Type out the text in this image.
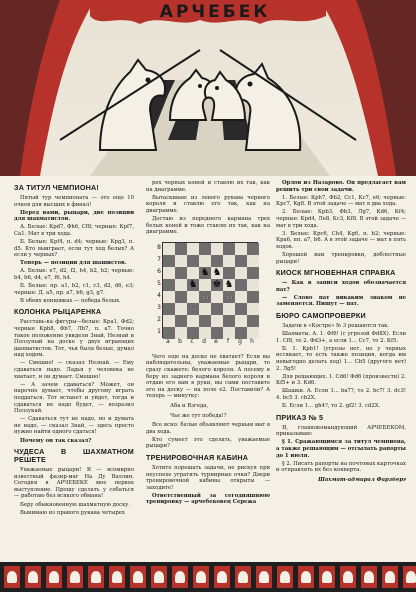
АРЧЕБЕК
ЗА ТИТУЛ ЧЕМПИОНА!
Пятый тур чемпионата — это еще 10 очков для высших в финал!
Перед вами, рыцари, две позиции для шахматистов.
А. Белые: Крd7, Фh6, Сf8; черные: Крf7, Сa1. Мат в три хода.
Б. Белые: Крf4, п. d4; черные: Крg3, п. d5. Кто выиграет, если тут ход белых? А если у черных?
Теперь — позиции для шашистов.
А. Белые: e7, d2, f2, h4, b2, h2; черные: b4, b6, d4, e7, f6, h4.
Б. Белые: пр. a1, b2, c1, c3, d2, d6, e3; черные: Д. a5, пр. a7, b6, g3, g7.
В обеих концовках — победа белых.
КОЛОНКА РЫЦАРЕНКА
Расставь-ка фигуры—белые: Крa1, Фd2; черные Крb8, Фb7, Лb7, п. a7. Точно такое положение увидели Знай, Незнай и Ползуный на доске у двух играющих шахматистов. Тот, чья была белые, думал над ходом.
— Смешно! — сказал Незнай. — Ему сдаваться надо. Ладья у человека не хватает, и он думает. Смешно!
— А зачем сдаваться? Может, он нарочно думает, чтобы другому играть поддаться. Тот встанет и уйдет, тогда и сдаваться не надо будет, — возразил Ползукай.
— Сдаваться тут не надо, но и думать не надо, — сказал Знай, — здесь просто нужно найти одного сдаться!
Почему он так сказал?
ЧУДЕСА В ШАХМАТНОМ РЕШЕТЕ
Уважаемые рыцари! Я — всемирно известный фазир-маг Ha Ду Валлин. Сегодня в АРЧЕБЕКЕ мое первое выступление. Прошу сделать у собаться — работаю без всякого обмана!
Беру обыкновенную шахматную доску.
Вынимаю из правого рукава четырех
рех черных коней и ставлю их так, как на диаграмме.
Вытаскиваю из левого рукава черного короля и ставлю его так, как на диаграмме.
Достаю из переднего кармана трех белых коней и тоже ставлю их так, как на диаграмме.
♞ ♞
♞	♞
♚
♘ ♘
♘
8
7
6
5
4
3
2
1
a	b	c	d	e	f	g	h
Чего еще на доске не хватает? Если вы наблюдательны, уважаемые рыцари, то сразу скажете: белого короля. А посему я беру из заднего кармана белого короля и отдаю его вам в руки, вы сами поставите его на доску — на поле e2. Поставили? А теперь — минутку:
Аба и Взгеда,
Чье же тут победа!?
Все ясно: белые объявляют черным мат в два хода.
Кто сумеет это сделать, уважаемые рыцари?
ТРЕНИРОВОЧНАЯ КАБИНА
Хотите порешать задачи, не рискуя при неуспехе угратить турнирные очки? Двери тренировочной кабины открыты — заходите!
Ответственный за сегодняшнюю тренировку — арчебековец Сережа
Орлов из Назарово. Он предлагает вам решить три свои задачи.
1. Белые: Крh7, Фb2, Сc1, Кc7, e6; черные: Крс7, Кg8. В этой задаче — мат в два хода.
2. Белые: Крb3, Фb3, Лg7, Кd6, Кf4; черные: Крd4, Лe8, Кc3, Кf8. В этой задаче — мат в три хода.
3. Белые: Крc6, Сh4, Кg6, п. b2; черные: Крa6, пп. a7, b6. А в этой задаче — мат в пять ходов.
Хорошей вам тренировки, доблестные рыцари!
КИОСК МГНОВЕННАЯ СПРАВКА
— Как в записи ходов обозначается пат?
— Слово пат никаким знаком не заменяется. Пишут — пат.
БЮРО САМОПРОВЕРКИ
Задачи в «Костре» № 3 решаются так.
Шахматы. А. 1. Фf6! (с угрозой Фd8X). Если 1. Сf8, то 2. Фd3+, а если 1... Сc7, то 2. Кf5.
Б. 1. Крb1! (угрозы нет, но у черных иссякает, то есть также позиция, когда им невыгодно делать ход) 1... Сb5 (другого нет) 2. Лg5!
Для решающих. 1. Сd6! Фd6 (произвести) 2. Кf5+ и 3. Кd6.
Шашки. А. Если 1... ba7?, то 2. bc7! 3. dc3! 4. bc5 3. cb2X.
Б. Если 1... gh4?, то 2. gf2! 3. cd2X.
ПРИКАЗ № 5
Я, главнокомандующий АРЧЕБЕКОМ, приказываю:
§ 1. Сражающимся за титул чемпиона, а также решающим — отсылать рапорты до 1 июля.
§ 2. Писать рапорты на почтовых карточках и отправлять их без конверта.
Шахмат-адмирал Фарзберг
